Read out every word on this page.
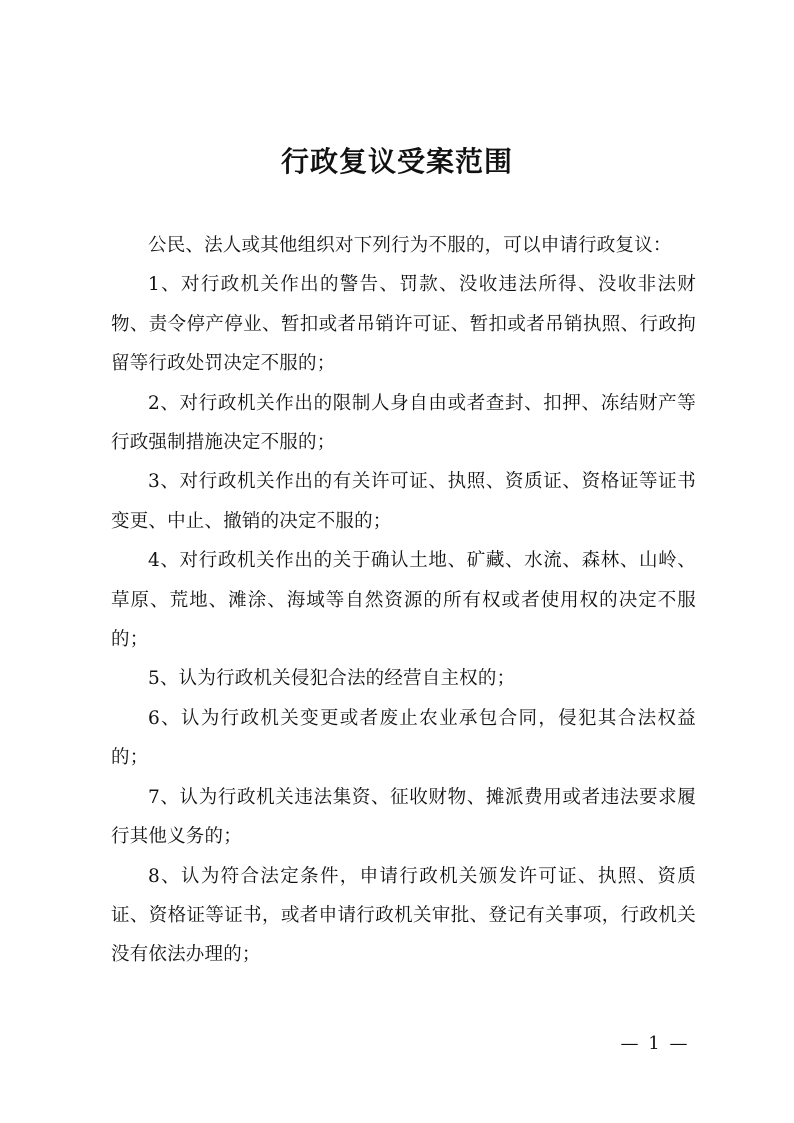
行政复议受案范围

公民、法人或其他组织对下列行为不服的，可以申请行政复议：

1、对行政机关作出的警告、罚款、没收违法所得、没收非法财物、责令停产停业、暂扣或者吊销许可证、暂扣或者吊销执照、行政拘留等行政处罚决定不服的；

2、对行政机关作出的限制人身自由或者查封、扣押、冻结财产等行政强制措施决定不服的；

3、对行政机关作出的有关许可证、执照、资质证、资格证等证书变更、中止、撤销的决定不服的；

4、对行政机关作出的关于确认土地、矿藏、水流、森林、山岭、草原、荒地、滩涂、海域等自然资源的所有权或者使用权的决定不服的；

5、认为行政机关侵犯合法的经营自主权的；

6、认为行政机关变更或者废止农业承包合同，侵犯其合法权益的；

7、认为行政机关违法集资、征收财物、摊派费用或者违法要求履行其他义务的；

8、认为符合法定条件，申请行政机关颁发许可证、执照、资质证、资格证等证书，或者申请行政机关审批、登记有关事项，行政机关没有依法办理的；

— 1 —
